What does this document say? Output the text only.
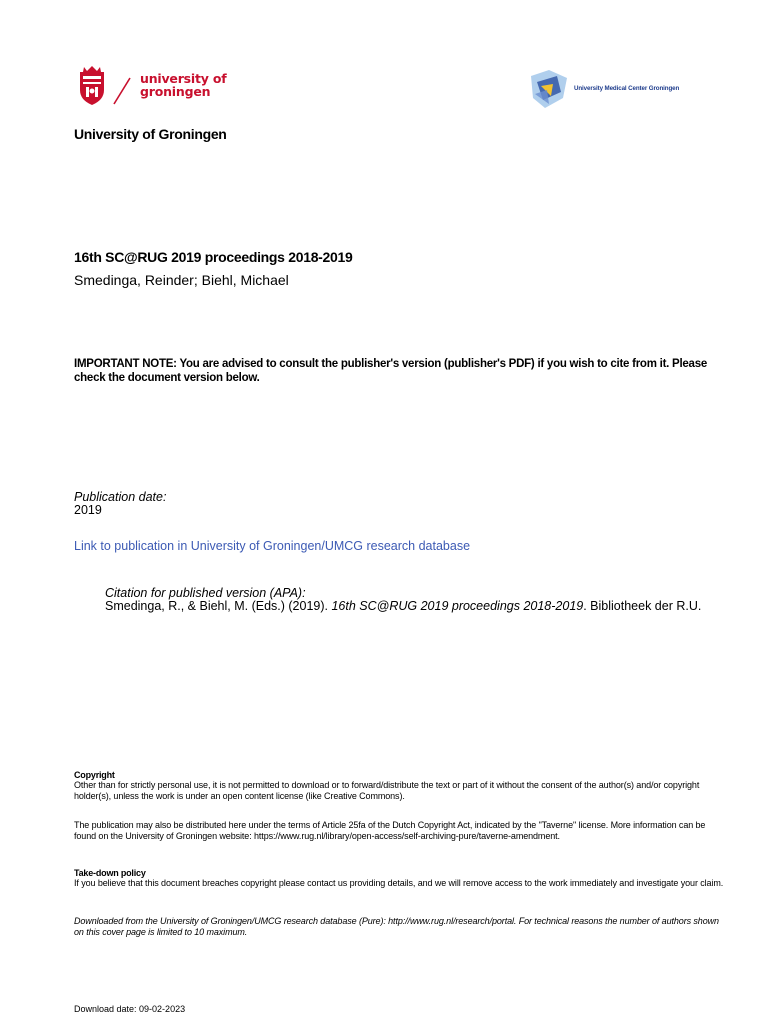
university of
groningen	University Medical Center Groningen
University of Groningen
16th SC@RUG 2019 proceedings 2018-2019
Smedinga, Reinder; Biehl, Michael
IMPORTANT NOTE: You are advised to consult the publisher's version (publisher's PDF) if you wish to cite from it. Please check the document version below.
Publication date:
2019
Link to publication in University of Groningen/UMCG research database
Citation for published version (APA):
Smedinga, R., & Biehl, M. (Eds.) (2019). 16th SC@RUG 2019 proceedings 2018-2019. Bibliotheek der R.U.
Copyright
Other than for strictly personal use, it is not permitted to download or to forward/distribute the text or part of it without the consent of the author(s) and/or copyright holder(s), unless the work is under an open content license (like Creative Commons).
The publication may also be distributed here under the terms of Article 25fa of the Dutch Copyright Act, indicated by the "Taverne" license. More information can be found on the University of Groningen website: https://www.rug.nl/library/open-access/self-archiving-pure/taverne-amendment.
Take-down policy
If you believe that this document breaches copyright please contact us providing details, and we will remove access to the work immediately and investigate your claim.
Downloaded from the University of Groningen/UMCG research database (Pure): http://www.rug.nl/research/portal. For technical reasons the number of authors shown on this cover page is limited to 10 maximum.
Download date: 09-02-2023
